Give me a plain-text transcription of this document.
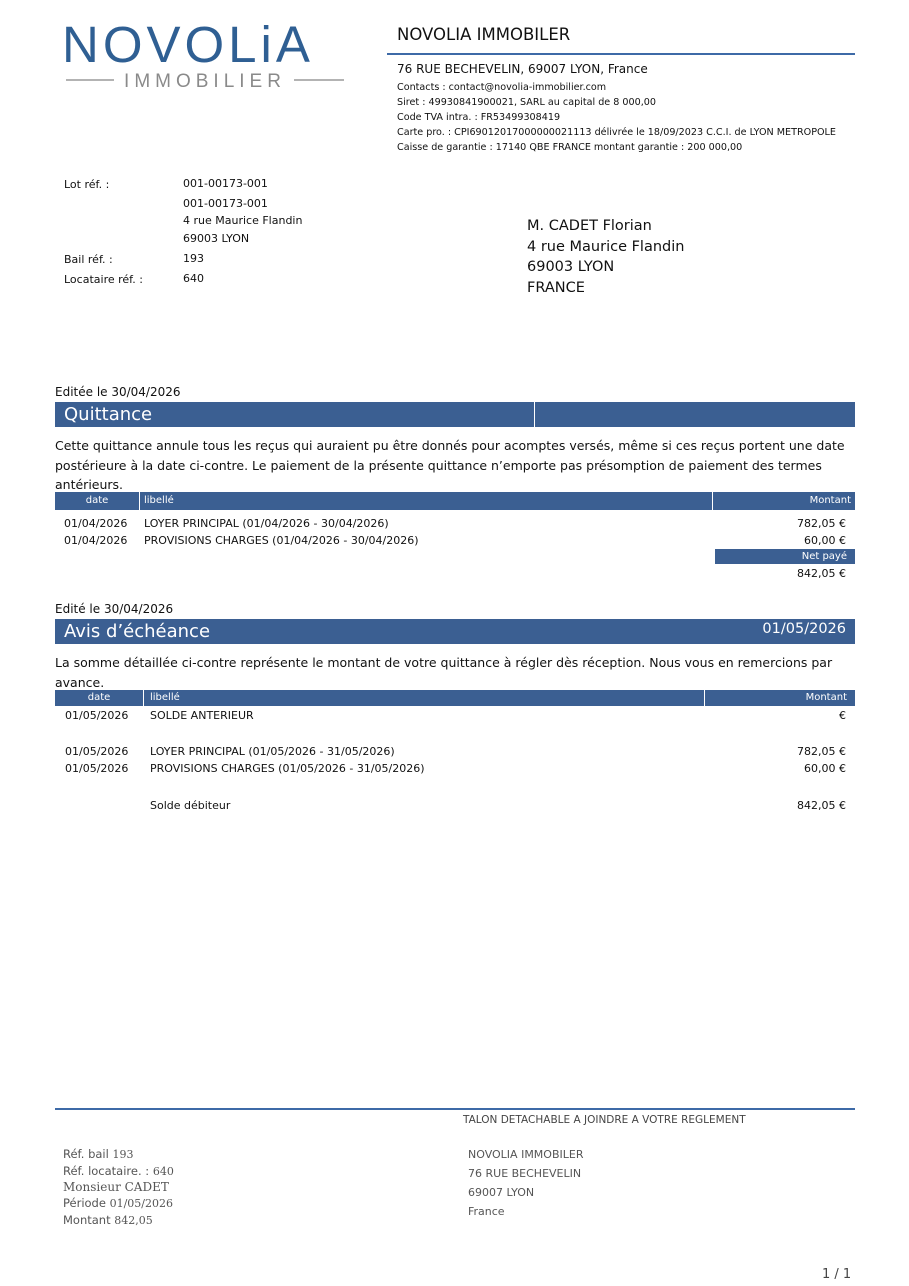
NOVOLiA
IMMOBILIER
NOVOLIA IMMOBILER
76 RUE BECHEVELIN, 69007 LYON, France
Contacts : contact@novolia-immobilier.com
Siret : 49930841900021, SARL au capital de 8 000,00
Code TVA intra. : FR53499308419
Carte pro. : CPI69012017000000021113 délivrée le 18/09/2023 C.C.I. de LYON METROPOLE
Caisse de garantie : 17140 QBE FRANCE montant garantie : 200 000,00
Lot réf. :	001-00173-001
001-00173-001
4 rue Maurice Flandin
69003 LYON
Bail réf. :	193
Locataire réf. :	640
M. CADET Florian
4 rue Maurice Flandin
69003 LYON
FRANCE
Editée le 30/04/2026
Quittance
Cette quittance annule tous les reçus qui auraient pu être donnés pour acomptes versés, même si ces reçus portent une date postérieure à la date ci-contre. Le paiement de la présente quittance n’emporte pas présomption de paiement des termes antérieurs.
date	libellé	Montant
01/04/2026 LOYER PRINCIPAL (01/04/2026 - 30/04/2026)	782,05 €
01/04/2026 PROVISIONS CHARGES (01/04/2026 - 30/04/2026)	60,00 €
Net payé
842,05 €
Edité le 30/04/2026
Avis d’échéance	01/05/2026
La somme détaillée ci-contre représente le montant de votre quittance à régler dès réception. Nous vous en remercions par avance.
date	libellé	Montant
01/05/2026 SOLDE ANTERIEUR	€
01/05/2026 LOYER PRINCIPAL (01/05/2026 - 31/05/2026)	782,05 €
01/05/2026 PROVISIONS CHARGES (01/05/2026 - 31/05/2026)	60,00 €
Solde débiteur	842,05 €
TALON DETACHABLE A JOINDRE A VOTRE REGLEMENT
Réf. bail 193
Réf. locataire. : 640
Monsieur CADET
Période 01/05/2026
Montant 842,05
NOVOLIA IMMOBILER
76 RUE BECHEVELIN
69007 LYON
France
1 / 1
